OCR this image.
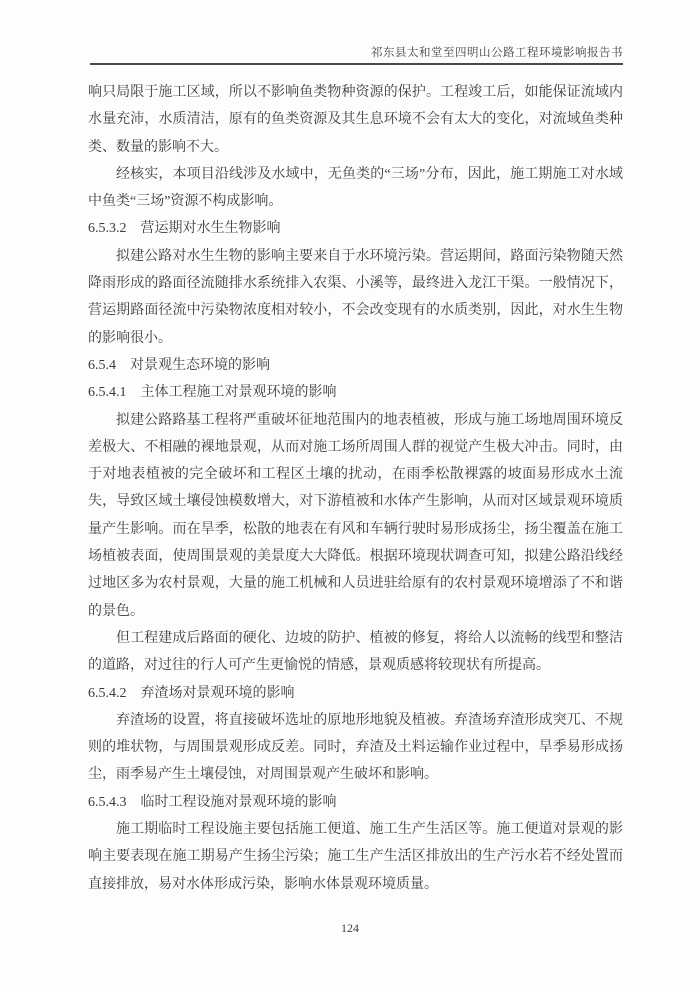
祁东县太和堂至四明山公路工程环境影响报告书

响只局限于施工区域，所以不影响鱼类物种资源的保护。工程竣工后，如能保证流域内水量充沛，水质清洁，原有的鱼类资源及其生息环境不会有太大的变化，对流域鱼类种类、数量的影响不大。

经核实，本项目沿线涉及水域中，无鱼类的“三场”分布，因此，施工期施工对水域中鱼类“三场”资源不构成影响。

6.5.3.2　营运期对水生生物影响

拟建公路对水生生物的影响主要来自于水环境污染。营运期间，路面污染物随天然降雨形成的路面径流随排水系统排入农渠、小溪等，最终进入龙江干渠。一般情况下，营运期路面径流中污染物浓度相对较小，不会改变现有的水质类别，因此，对水生生物的影响很小。

6.5.4　对景观生态环境的影响

6.5.4.1　主体工程施工对景观环境的影响

拟建公路路基工程将严重破坏征地范围内的地表植被，形成与施工场地周围环境反差极大、不相融的裸地景观，从而对施工场所周围人群的视觉产生极大冲击。同时，由于对地表植被的完全破坏和工程区土壤的扰动，在雨季松散裸露的坡面易形成水土流失，导致区域土壤侵蚀模数增大，对下游植被和水体产生影响，从而对区域景观环境质量产生影响。而在旱季，松散的地表在有风和车辆行驶时易形成扬尘，扬尘覆盖在施工场植被表面，使周围景观的美景度大大降低。根据环境现状调查可知，拟建公路沿线经过地区多为农村景观，大量的施工机械和人员进驻给原有的农村景观环境增添了不和谐的景色。

但工程建成后路面的硬化、边坡的防护、植被的修复，将给人以流畅的线型和整洁的道路，对过往的行人可产生更愉悦的情感，景观质感将较现状有所提高。

6.5.4.2　弃渣场对景观环境的影响

弃渣场的设置，将直接破坏选址的原地形地貌及植被。弃渣场弃渣形成突兀、不规则的堆状物，与周围景观形成反差。同时，弃渣及土料运输作业过程中，旱季易形成扬尘，雨季易产生土壤侵蚀，对周围景观产生破坏和影响。

6.5.4.3　临时工程设施对景观环境的影响

施工期临时工程设施主要包括施工便道、施工生产生活区等。施工便道对景观的影响主要表现在施工期易产生扬尘污染；施工生产生活区排放出的生产污水若不经处置而直接排放，易对水体形成污染，影响水体景观环境质量。

124
